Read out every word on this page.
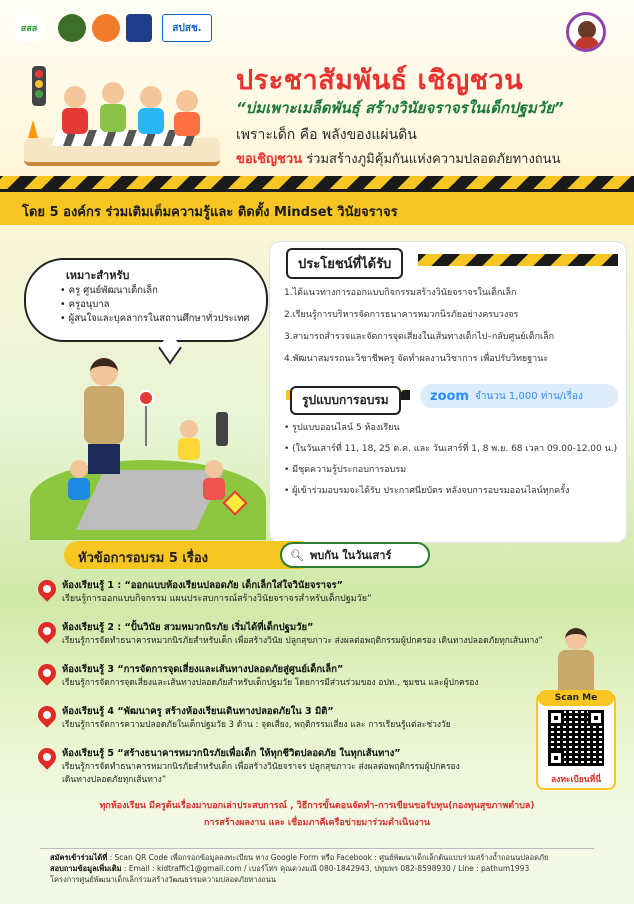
สสส	สปสช.
ประชาสัมพันธ์ เชิญชวน
“บ่มเพาะเมล็ดพันธุ์ สร้างวินัยจราจรในเด็กปฐมวัย”
เพราะเด็ก คือ พลังของแผ่นดิน
ขอเชิญชวน ร่วมสร้างภูมิคุ้มกันแห่งความปลอดภัยทางถนน
โดย 5 องค์กร ร่วมเติมเต็มความรู้และ ติดตั้ง Mindset วินัยจราจร
เหมาะสำหรับ
• ครู ศูนย์พัฒนาเด็กเล็ก
• ครูอนุบาล
• ผู้สนใจและบุคลากรในสถานศึกษาทั่วประเทศ
ประโยชน์ที่ได้รับ
1.ได้แนวทางการออกแบบกิจกรรมสร้างวินัยจราจรในเด็กเล็ก
2.เรียนรู้การบริหารจัดการธนาคารหมวกนิรภัยอย่างครบวงจร
3.สามารถสำรวจและจัดการจุดเสี่ยงในเส้นทางเด็กไป–กลับศูนย์เด็กเล็ก
4.พัฒนาสมรรถนะวิชาชีพครู จัดทำผลงานวิชาการ เพื่อปรับวิทยฐานะ
รูปแบบการอบรม	zoom จำนวน 1,000 ท่าน/เรื่อง
• รูปแบบออนไลน์ 5 ห้องเรียน
• (ในวันเสาร์ที่ 11, 18, 25 ต.ค. และ วันเสาร์ที่ 1, 8 พ.ย. 68 เวลา 09.00-12.00 น.)
• มีชุดความรู้ประกอบการอบรม
• ผู้เข้าร่วมอบรมจะได้รับ ประกาศนียบัตร หลังจบการอบรมออนไลน์ทุกครั้ง
หัวข้อการอบรม 5 เรื่อง	🔍︎ พบกัน ในวันเสาร์
ห้องเรียนรู้ 1 : “ออกแบบห้องเรียนปลอดภัย เด็กเล็กใส่ใจวินัยจราจร”
เรียนรู้การออกแบบกิจกรรม แผนประสบการณ์สร้างวินัยจราจรสำหรับเด็กปฐมวัย”
ห้องเรียนรู้ 2 : “ปั้นวินัย สวมหมวกนิรภัย เริ่มได้ที่เด็กปฐมวัย”
เรียนรู้การจัดทำธนาคารหมวกนิรภัยสำหรับเด็ก เพื่อสร้างวินัย ปลูกสุขภาวะ ส่งผลต่อพฤติกรรมผู้ปกครอง เดินทางปลอดภัยทุกเส้นทาง”
ห้องเรียนรู้ 3 “การจัดการจุดเสี่ยงและเส้นทางปลอดภัยสู่ศูนย์เด็กเล็ก”
เรียนรู้การจัดการจุดเสี่ยงและเส้นทางปลอดภัยสำหรับเด็กปฐมวัย โดยการมีส่วนร่วมของ อปท., ชุมชน และผู้ปกครอง
ห้องเรียนรู้ 4 “พัฒนาครู สร้างห้องเรียนเดินทางปลอดภัยใน 3 มิติ”
เรียนรู้การจัดการความปลอดภัยในเด็กปฐมวัย 3 ด้าน : จุดเสี่ยง, พฤติกรรมเสี่ยง และ การเรียนรู้แต่ละช่วงวัย
ห้องเรียนรู้ 5 “สร้างธนาคารหมวกนิรภัยเพื่อเด็ก ให้ทุกชีวิตปลอดภัย ในทุกเส้นทาง”
เรียนรู้การจัดทำธนาคารหมวกนิรภัยสำหรับเด็ก เพื่อสร้างวินัยจราจร ปลูกสุขภาวะ ส่งผลต่อพฤติกรรมผู้ปกครอง
เดินทางปลอดภัยทุกเส้นทาง”
Scan Me
ลงทะเบียนที่นี่
ทุกห้องเรียน มีครูต้นเรื่องมาบอกเล่าประสบการณ์ , วิธีการขั้นตอนจัดทำ-การเขียนขอรับทุน(กองทุนสุขภาพตำบล)
การสร้างผลงาน และ เชื่อมภาคีเครือข่ายมาร่วมดำเนินงาน
สมัครเข้าร่วมได้ที่ : Scan QR Code เพื่อกรอกข้อมูลลงทะเบียน ทาง Google Form หรือ Facebook : ศูนย์พัฒนาเด็กเล็กต้นแบบร่วมสร้างถ้ำถอนนปลอดภัย
สอบถามข้อมูลเพิ่มเติม : Email : kidtraffic1@gmail.com / เบอร์โทร คุณดวงมณี 080-1842943, ปทุมพร 082-8598930 / Line : pathum1993
โครงการศูนย์พัฒนาเด็กเล็กร่วมสร้างวัฒนธรรมความปลอดภัยทางถนน
